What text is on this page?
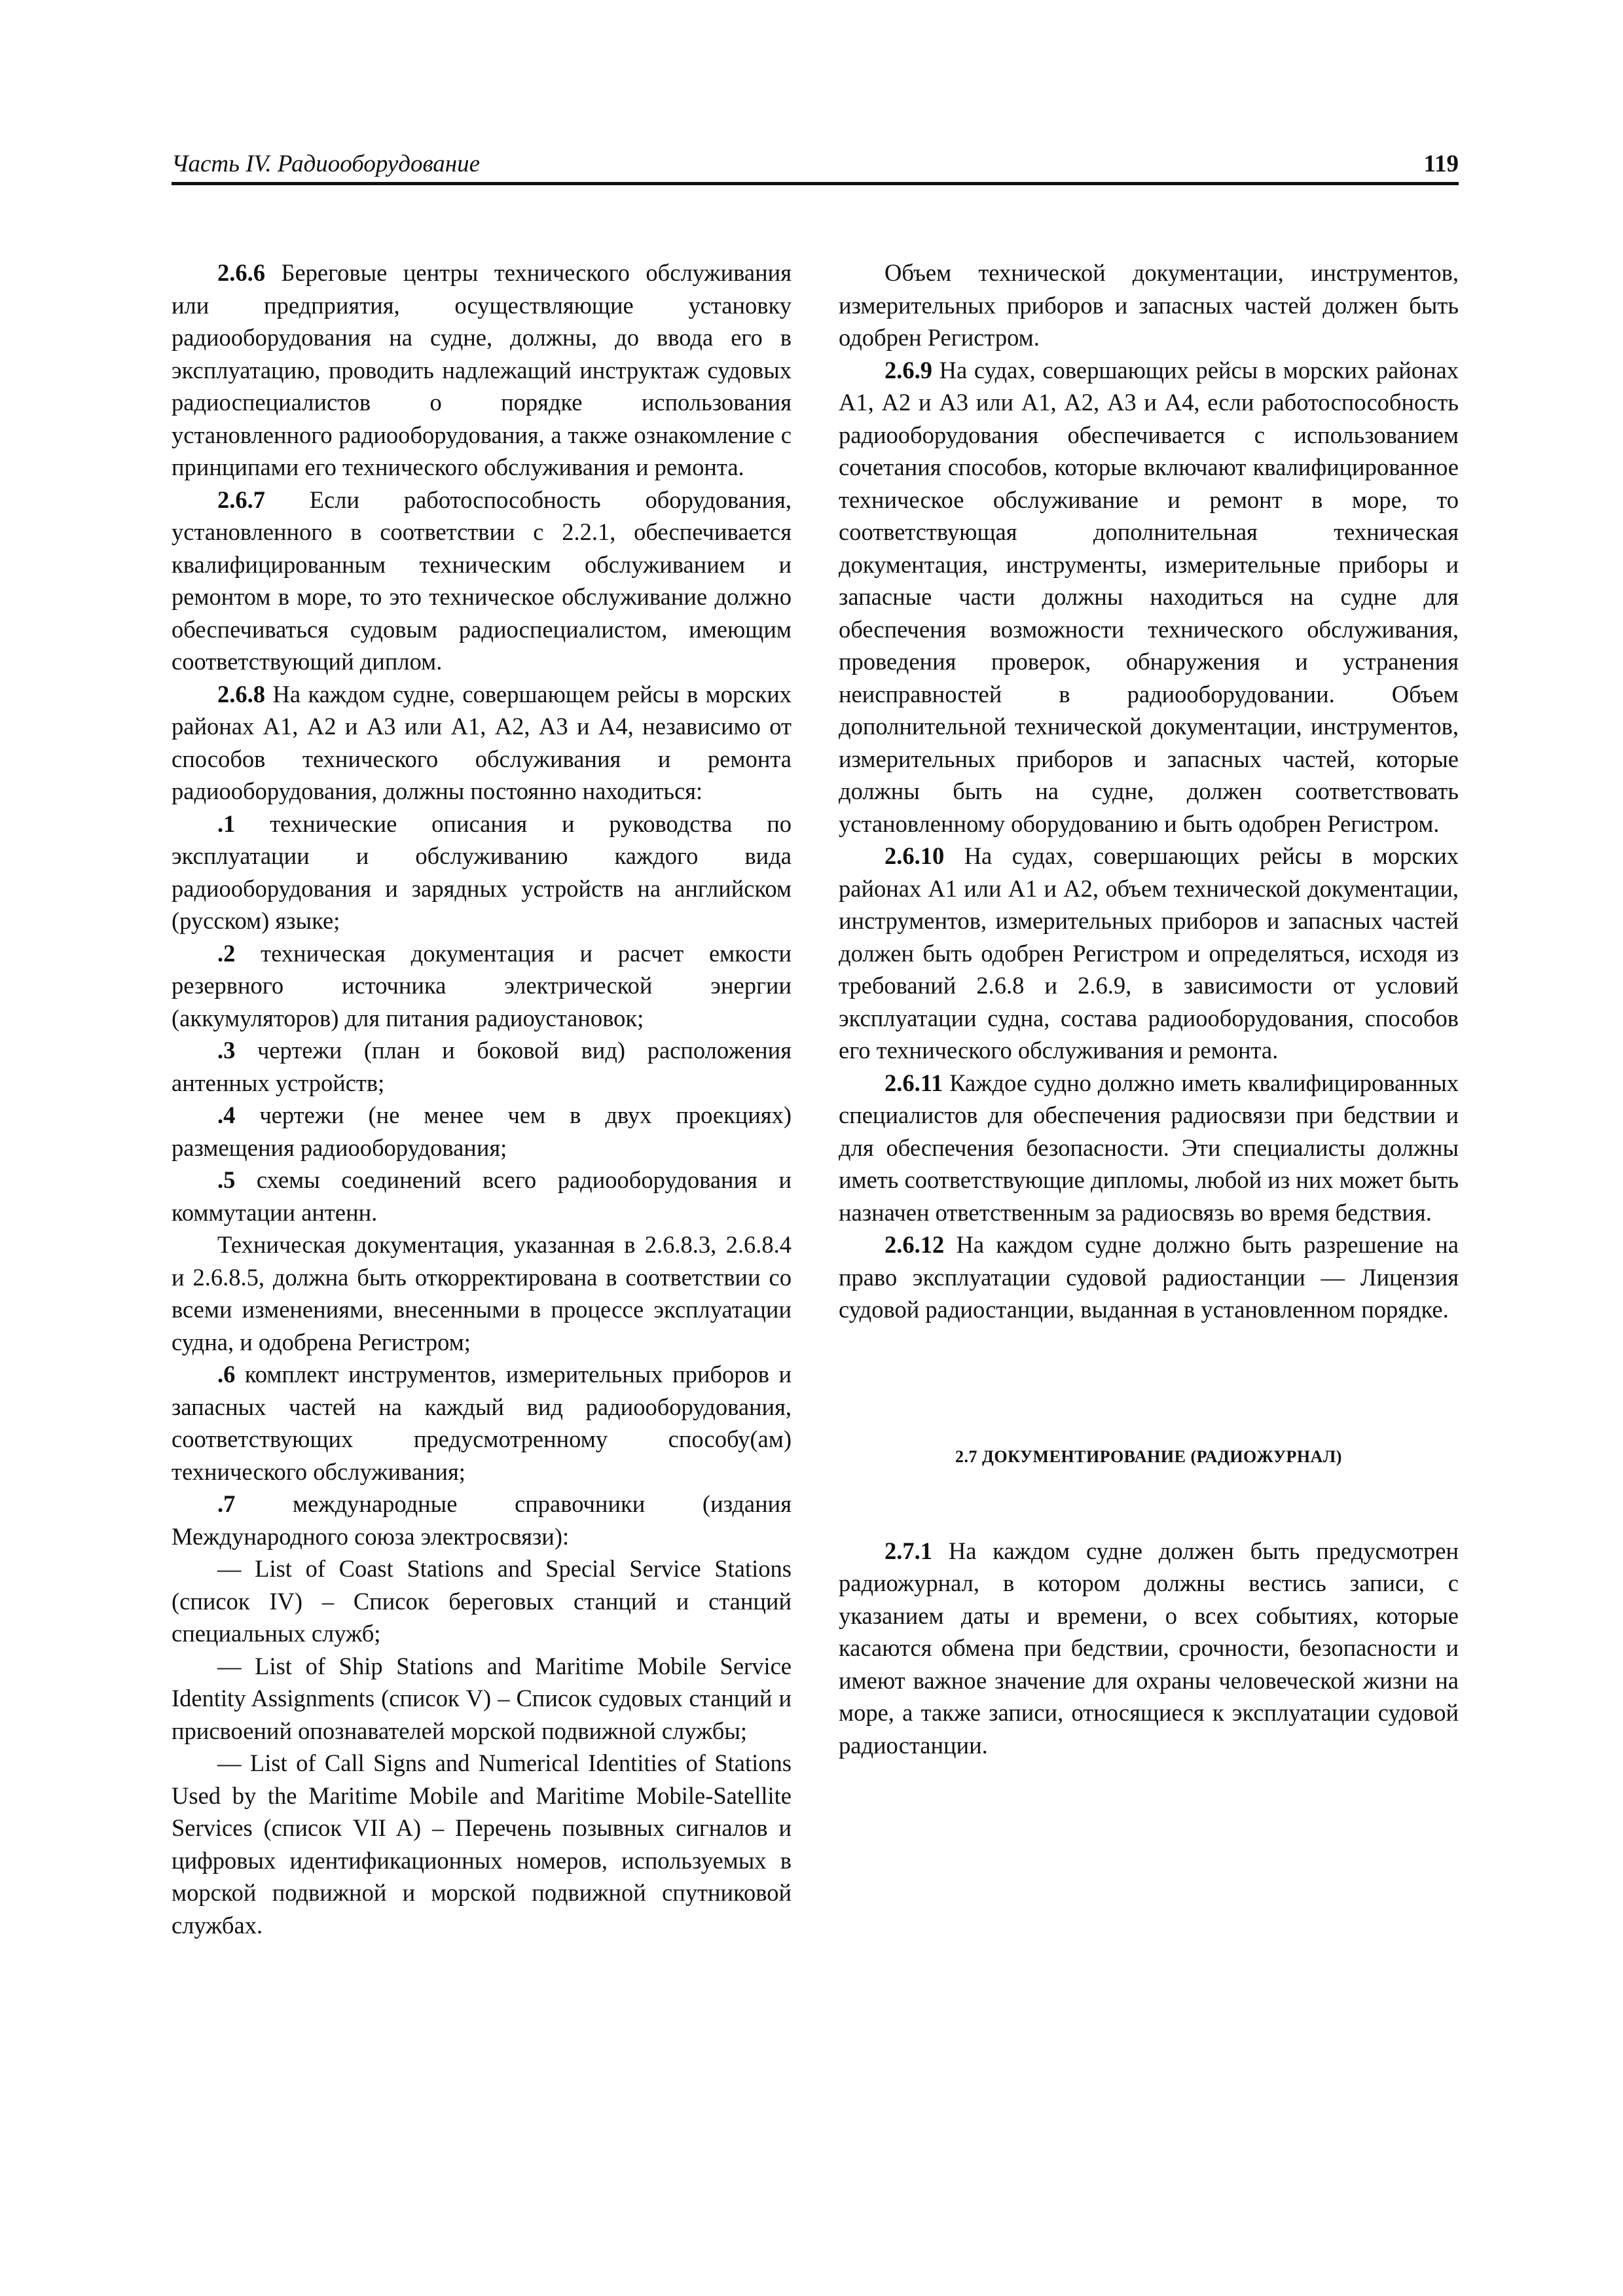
Часть IV. Радиооборудование	119

2.6.6 Береговые центры технического обслуживания или предприятия, осуществляющие установку радиооборудования на судне, должны, до ввода его в эксплуатацию, проводить надлежащий инструктаж судовых радиоспециалистов о порядке использования установленного радиооборудования, а также ознакомление с принципами его технического обслуживания и ремонта.

2.6.7 Если работоспособность оборудования, установленного в соответствии с 2.2.1, обеспечивается квалифицированным техническим обслуживанием и ремонтом в море, то это техническое обслуживание должно обеспечиваться судовым радиоспециалистом, имеющим соответствующий диплом.

2.6.8 На каждом судне, совершающем рейсы в морских районах А1, А2 и А3 или А1, А2, А3 и А4, независимо от способов технического обслуживания и ремонта радиооборудования, должны постоянно находиться:

.1 технические описания и руководства по эксплуатации и обслуживанию каждого вида радиооборудования и зарядных устройств на английском (русском) языке;

.2 техническая документация и расчет емкости резервного источника электрической энергии (аккумуляторов) для питания радиоустановок;

.3 чертежи (план и боковой вид) расположения антенных устройств;

.4 чертежи (не менее чем в двух проекциях) размещения радиооборудования;

.5 схемы соединений всего радиооборудования и коммутации антенн.

Техническая документация, указанная в 2.6.8.3, 2.6.8.4 и 2.6.8.5, должна быть откорректирована в соответствии со всеми изменениями, внесенными в процессе эксплуатации судна, и одобрена Регистром;

.6 комплект инструментов, измерительных приборов и запасных частей на каждый вид радиооборудования, соответствующих предусмотренному способу(ам) технического обслуживания;

.7 международные справочники (издания Международного союза электросвязи):

— List of Coast Stations and Special Service Stations (список IV) – Список береговых станций и станций специальных служб;

— List of Ship Stations and Maritime Mobile Service Identity Assignments (список V) – Список судовых станций и присвоений опознавателей морской подвижной службы;

— List of Call Signs and Numerical Identities of Stations Used by the Maritime Mobile and Maritime Mobile-Satellite Services (список VII A) – Перечень позывных сигналов и цифровых идентификационных номеров, используемых в морской подвижной и морской подвижной спутниковой службах.

Объем технической документации, инструментов, измерительных приборов и запасных частей должен быть одобрен Регистром.

2.6.9 На судах, совершающих рейсы в морских районах А1, А2 и А3 или А1, А2, А3 и А4, если работоспособность радиооборудования обеспечивается с использованием сочетания способов, которые включают квалифицированное техническое обслуживание и ремонт в море, то соответствующая дополнительная техническая документация, инструменты, измерительные приборы и запасные части должны находиться на судне для обеспечения возможности технического обслуживания, проведения проверок, обнаружения и устранения неисправностей в радиооборудовании. Объем дополнительной технической документации, инструментов, измерительных приборов и запасных частей, которые должны быть на судне, должен соответствовать установленному оборудованию и быть одобрен Регистром.

2.6.10 На судах, совершающих рейсы в морских районах А1 или А1 и А2, объем технической документации, инструментов, измерительных приборов и запасных частей должен быть одобрен Регистром и определяться, исходя из требований 2.6.8 и 2.6.9, в зависимости от условий эксплуатации судна, состава радиооборудования, способов его технического обслуживания и ремонта.

2.6.11 Каждое судно должно иметь квалифицированных специалистов для обеспечения радиосвязи при бедствии и для обеспечения безопасности. Эти специалисты должны иметь соответствующие дипломы, любой из них может быть назначен ответственным за радиосвязь во время бедствия.

2.6.12 На каждом судне должно быть разрешение на право эксплуатации судовой радиостанции — Лицензия судовой радиостанции, выданная в установленном порядке.

2.7 ДОКУМЕНТИРОВАНИЕ (РАДИОЖУРНАЛ)

2.7.1 На каждом судне должен быть предусмотрен радиожурнал, в котором должны вестись записи, с указанием даты и времени, о всех событиях, которые касаются обмена при бедствии, срочности, безопасности и имеют важное значение для охраны человеческой жизни на море, а также записи, относящиеся к эксплуатации судовой радиостанции.
